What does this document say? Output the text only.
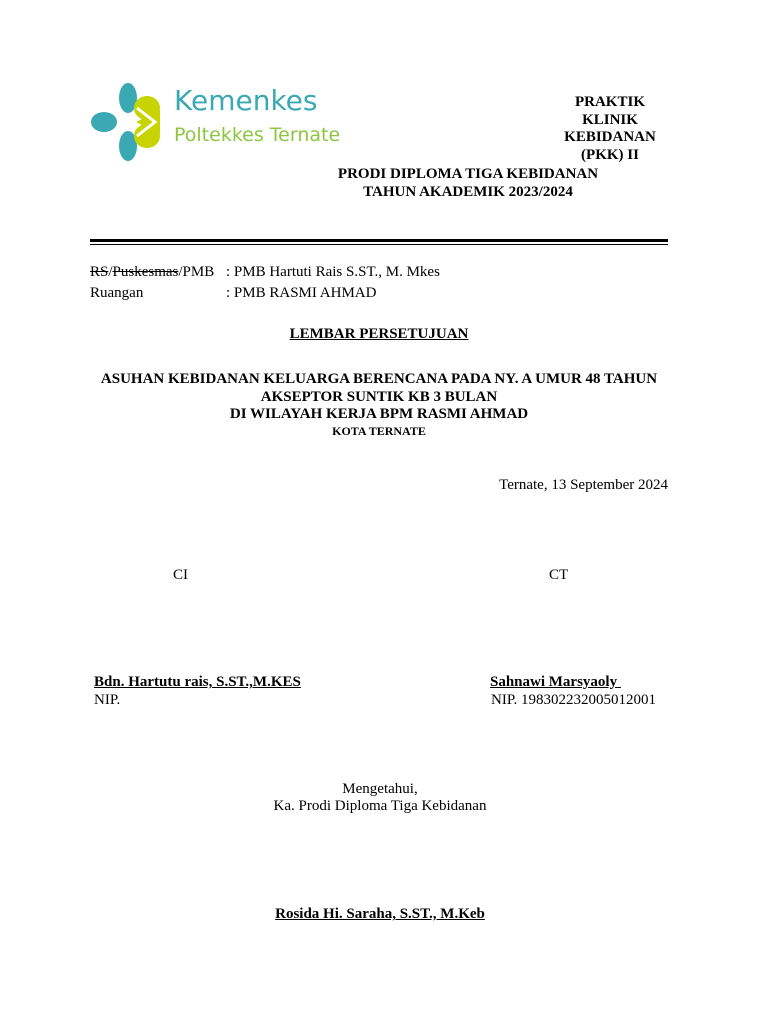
Kemenkes
Poltekkes Ternate
PRAKTIK
KLINIK
KEBIDANAN
(PKK) II
PRODI DIPLOMA TIGA KEBIDANAN
TAHUN AKADEMIK 2023/2024
RS/Puskesmas/PMB : PMB Hartuti Rais S.ST., M. Mkes
Ruangan	: PMB RASMI AHMAD
LEMBAR PERSETUJUAN
ASUHAN KEBIDANAN KELUARGA BERENCANA PADA NY. A UMUR 48 TAHUN
AKSEPTOR SUNTIK KB 3 BULAN
DI WILAYAH KERJA BPM RASMI AHMAD
KOTA TERNATE
Ternate, 13 September 2024
CI	CT
Bdn. Hartutu rais, S.ST.,M.KES
NIP.
Sahnawi Marsyaoly
NIP. 198302232005012001
Mengetahui,
Ka. Prodi Diploma Tiga Kebidanan
Rosida Hi. Saraha, S.ST., M.Keb
